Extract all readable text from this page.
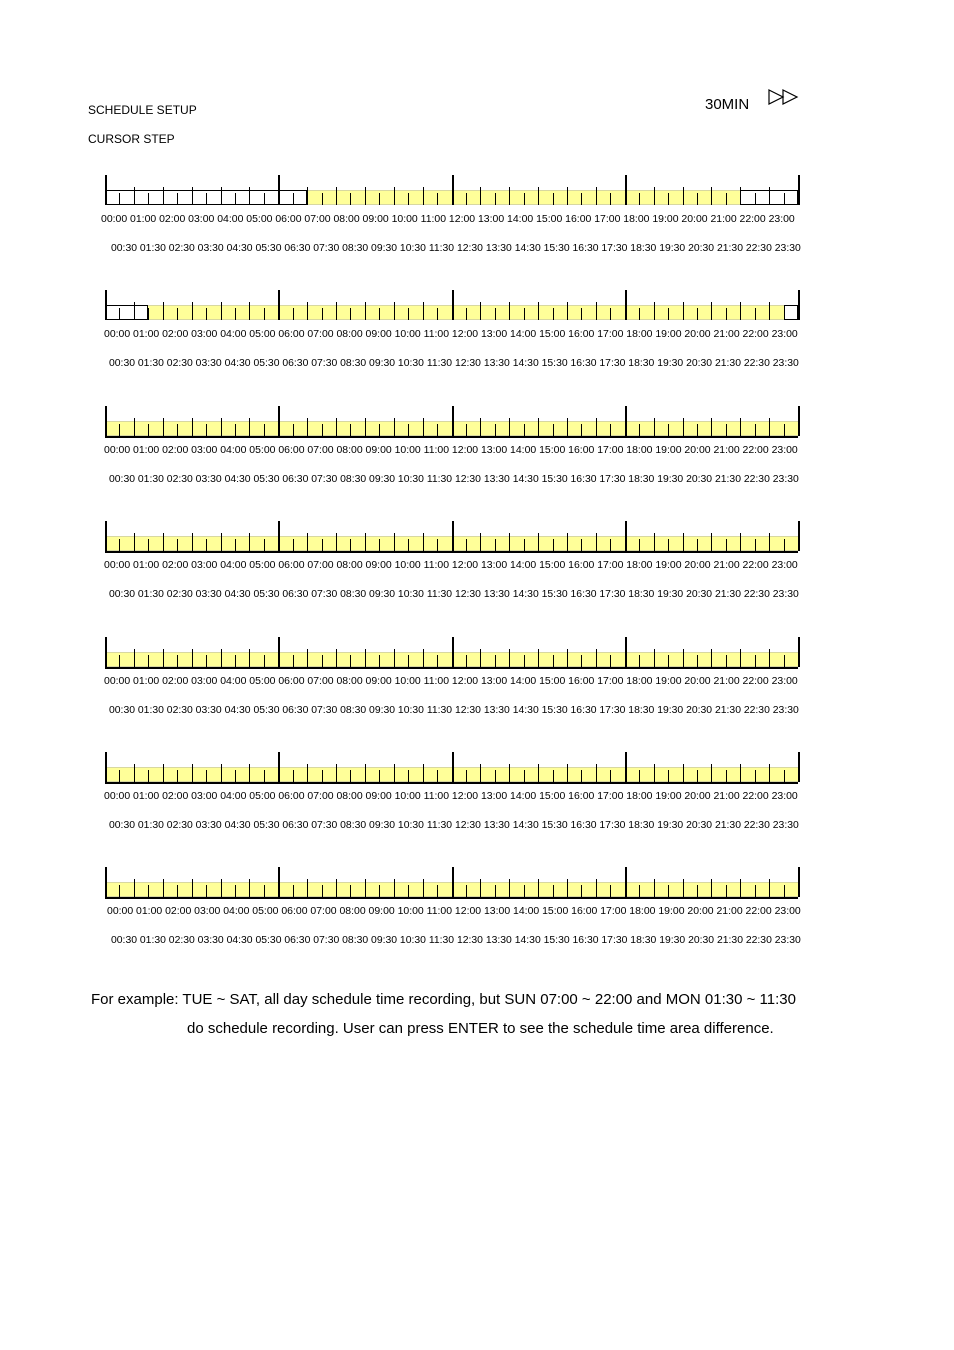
SCHEDULE SETUP
CURSOR STEP
30MIN
00:00 01:00 02:00 03:00 04:00 05:00 06:00 07:00 08:00 09:00 10:00 11:00 12:00 13:00 14:00 15:00 16:00 17:00 18:00 19:00 20:00 21:00 22:00 23:00
00:30 01:30 02:30 03:30 04:30 05:30 06:30 07:30 08:30 09:30 10:30 11:30 12:30 13:30 14:30 15:30 16:30 17:30 18:30 19:30 20:30 21:30 22:30 23:30
00:00 01:00 02:00 03:00 04:00 05:00 06:00 07:00 08:00 09:00 10:00 11:00 12:00 13:00 14:00 15:00 16:00 17:00 18:00 19:00 20:00 21:00 22:00 23:00
00:30 01:30 02:30 03:30 04:30 05:30 06:30 07:30 08:30 09:30 10:30 11:30 12:30 13:30 14:30 15:30 16:30 17:30 18:30 19:30 20:30 21:30 22:30 23:30
00:00 01:00 02:00 03:00 04:00 05:00 06:00 07:00 08:00 09:00 10:00 11:00 12:00 13:00 14:00 15:00 16:00 17:00 18:00 19:00 20:00 21:00 22:00 23:00
00:30 01:30 02:30 03:30 04:30 05:30 06:30 07:30 08:30 09:30 10:30 11:30 12:30 13:30 14:30 15:30 16:30 17:30 18:30 19:30 20:30 21:30 22:30 23:30
00:00 01:00 02:00 03:00 04:00 05:00 06:00 07:00 08:00 09:00 10:00 11:00 12:00 13:00 14:00 15:00 16:00 17:00 18:00 19:00 20:00 21:00 22:00 23:00
00:30 01:30 02:30 03:30 04:30 05:30 06:30 07:30 08:30 09:30 10:30 11:30 12:30 13:30 14:30 15:30 16:30 17:30 18:30 19:30 20:30 21:30 22:30 23:30
00:00 01:00 02:00 03:00 04:00 05:00 06:00 07:00 08:00 09:00 10:00 11:00 12:00 13:00 14:00 15:00 16:00 17:00 18:00 19:00 20:00 21:00 22:00 23:00
00:30 01:30 02:30 03:30 04:30 05:30 06:30 07:30 08:30 09:30 10:30 11:30 12:30 13:30 14:30 15:30 16:30 17:30 18:30 19:30 20:30 21:30 22:30 23:30
00:00 01:00 02:00 03:00 04:00 05:00 06:00 07:00 08:00 09:00 10:00 11:00 12:00 13:00 14:00 15:00 16:00 17:00 18:00 19:00 20:00 21:00 22:00 23:00
00:30 01:30 02:30 03:30 04:30 05:30 06:30 07:30 08:30 09:30 10:30 11:30 12:30 13:30 14:30 15:30 16:30 17:30 18:30 19:30 20:30 21:30 22:30 23:30
00:00 01:00 02:00 03:00 04:00 05:00 06:00 07:00 08:00 09:00 10:00 11:00 12:00 13:00 14:00 15:00 16:00 17:00 18:00 19:00 20:00 21:00 22:00 23:00
00:30 01:30 02:30 03:30 04:30 05:30 06:30 07:30 08:30 09:30 10:30 11:30 12:30 13:30 14:30 15:30 16:30 17:30 18:30 19:30 20:30 21:30 22:30 23:30
For example: TUE ~ SAT, all day schedule time recording, but SUN 07:00 ~ 22:00 and MON 01:30 ~ 11:30
do schedule recording. User can press ENTER to see the schedule time area difference.
